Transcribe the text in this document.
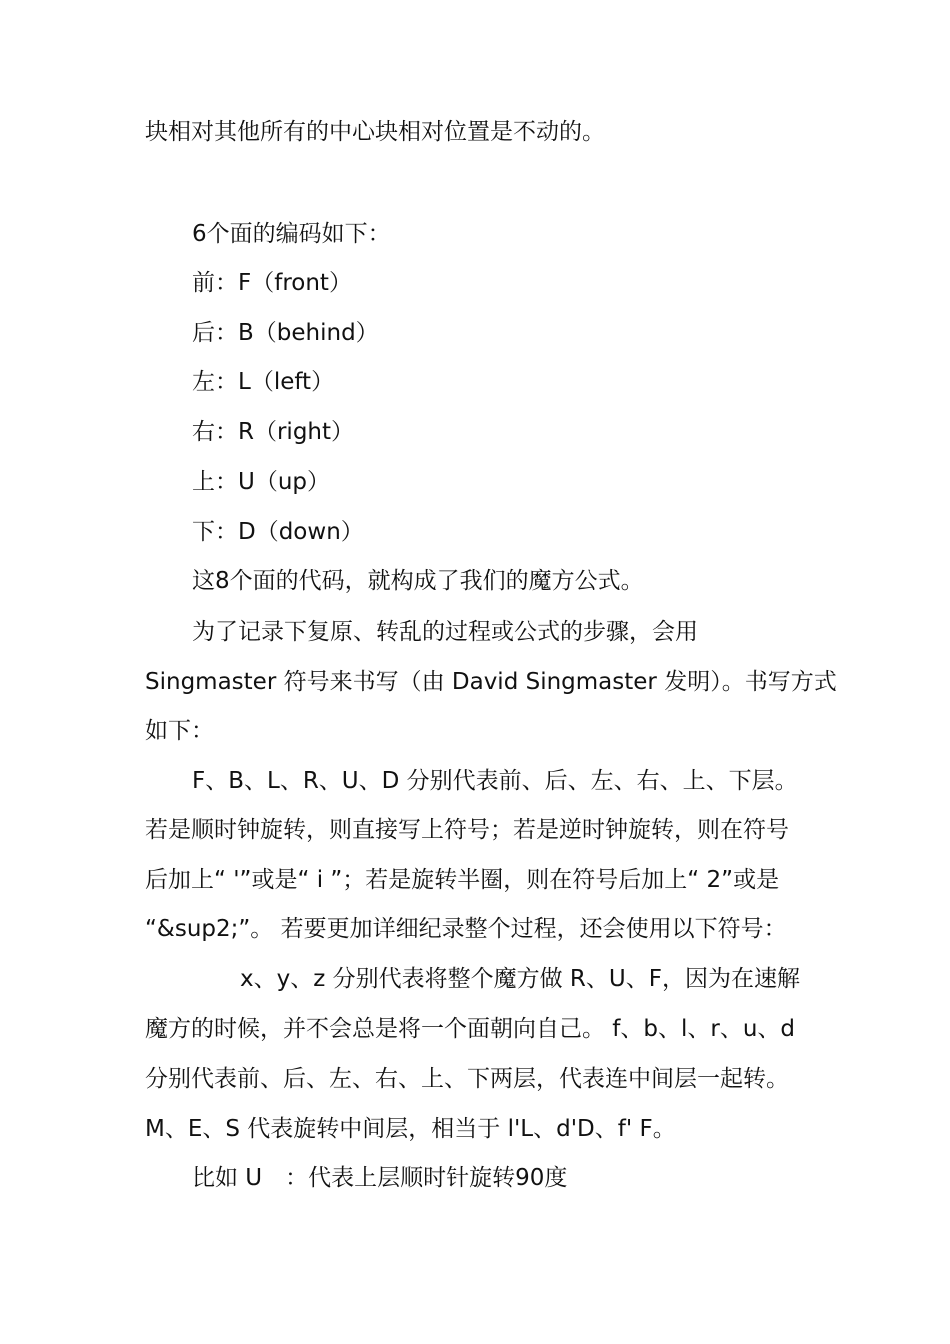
块相对其他所有的中心块相对位置是不动的。

6个面的编码如下：

前：F（front）

后：B（behind）

左：L（left）

右：R（right）

上：U（up）

下：D（down）

这8个面的代码，就构成了我们的魔方公式。

为了记录下复原、转乱的过程或公式的步骤，会用

Singmaster 符号来书写（由 David Singmaster 发明）。书写方式

如下：

F、B、L、R、U、D 分别代表前、后、左、右、上、下层。

若是顺时钟旋转，则直接写上符号；若是逆时钟旋转，则在符号

后加上“ '”或是“ i ”；若是旋转半圈，则在符号后加上“ 2”或是

“&sup2;”。 若要更加详细纪录整个过程，还会使用以下符号：

x、y、z 分别代表将整个魔方做 R、U、F，因为在速解

魔方的时候，并不会总是将一个面朝向自己。 f、b、l、r、u、d

分别代表前、后、左、右、上、下两层，代表连中间层一起转。

M、E、S 代表旋转中间层，相当于 l'L、d'D、f' F。

比如 U　：代表上层顺时针旋转90度
